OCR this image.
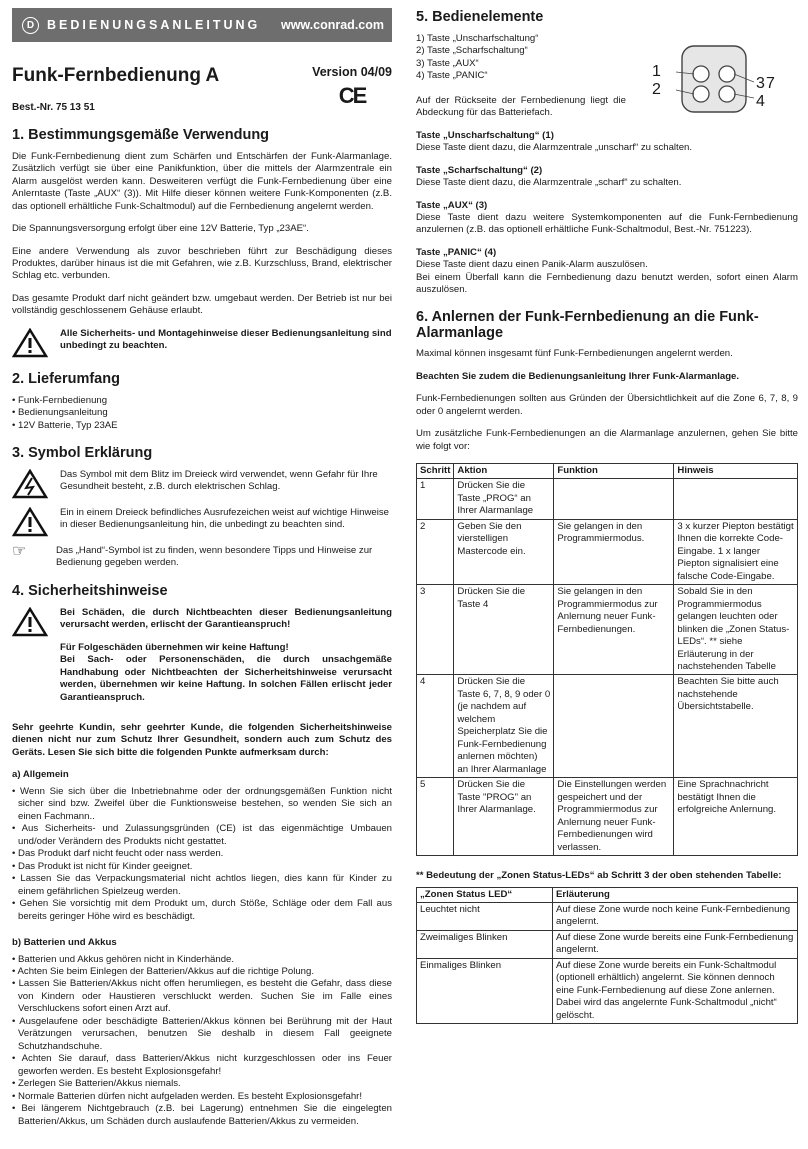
D	BEDIENUNGSANLEITUNG	www.conrad.com
Funk-Fernbedienung A	Version 04/09
CE
Best.-Nr. 75 13 51
1. Bestimmungsgemäße Verwendung

Die Funk-Fernbedienung dient zum Schärfen und Entschärfen der Funk-Alarmanlage. Zusätzlich verfügt sie über eine Panikfunktion, über die mittels der Alarmzentrale ein Alarm ausgelöst werden kann. Desweiteren verfügt die Funk-Fernbedienung über eine Anlerntaste (Taste „AUX“ (3)). Mit Hilfe dieser können weitere Funk-Komponenten (z.B. das optionell erhältliche Funk-Schaltmodul) auf die Fernbedienung angelernt werden.

Die Spannungsversorgung erfolgt über eine 12V Batterie, Typ „23AE“.

Eine andere Verwendung als zuvor beschrieben führt zur Beschädigung dieses Produktes, darüber hinaus ist die mit Gefahren, wie z.B. Kurzschluss, Brand, elektrischer Schlag etc. verbunden.

Das gesamte Produkt darf nicht geändert bzw. umgebaut werden. Der Betrieb ist nur bei vollständig geschlossenem Gehäuse erlaubt.

Alle Sicherheits- und Montagehinweise dieser Bedienungsanleitung sind unbedingt zu beachten.
2. Lieferumfang
• Funk-Fernbedienung
• Bedienungsanleitung
• 12V Batterie, Typ 23AE
3. Symbol Erklärung
Das Symbol mit dem Blitz im Dreieck wird verwendet, wenn Gefahr für Ihre Gesundheit besteht, z.B. durch elektrischen Schlag.
Ein in einem Dreieck befindliches Ausrufezeichen weist auf wichtige Hinweise in dieser Bedienungsanleitung hin, die unbedingt zu beachten sind.
☞	Das „Hand“-Symbol ist zu finden, wenn besondere Tipps und Hinweise zur Bedienung gegeben werden.
4. Sicherheitshinweise

Bei Schäden, die durch Nichtbeachten dieser Bedienungsanleitung verursacht werden, erlischt der Garantieanspruch!

Für Folgeschäden übernehmen wir keine Haftung!

Bei Sach- oder Personenschäden, die durch unsachgemäße Handhabung oder Nichtbeachten der Sicherheitshinweise verursacht werden, übernehmen wir keine Haftung. In solchen Fällen erlischt jeder Garantieanspruch.

Sehr geehrte Kundin, sehr geehrter Kunde, die folgenden Sicherheitshinweise dienen nicht nur zum Schutz Ihrer Gesundheit, sondern auch zum Schutz des Geräts. Lesen Sie sich bitte die folgenden Punkte aufmerksam durch:

a) Allgemein
• Wenn Sie sich über die Inbetriebnahme oder der ordnungsgemäßen Funktion nicht sicher sind bzw. Zweifel über die Funktionsweise bestehen, so wenden Sie sich an einen Fachmann..
• Aus Sicherheits- und Zulassungsgründen (CE) ist das eigenmächtige Umbauen und/oder Verändern des Produkts nicht gestattet.
• Das Produkt darf nicht feucht oder nass werden.
• Das Produkt ist nicht für Kinder geeignet.
• Lassen Sie das Verpackungsmaterial nicht achtlos liegen, dies kann für Kinder zu einem gefährlichen Spielzeug werden.
• Gehen Sie vorsichtig mit dem Produkt um, durch Stöße, Schläge oder dem Fall aus bereits geringer Höhe wird es beschädigt.
b) Batterien und Akkus
• Batterien und Akkus gehören nicht in Kinderhände.
• Achten Sie beim Einlegen der Batterien/Akkus auf die richtige Polung.
• Lassen Sie Batterien/Akkus nicht offen herumliegen, es besteht die Gefahr, dass diese von Kindern oder Haustieren verschluckt werden. Suchen Sie im Falle eines Verschluckens sofort einen Arzt auf.
• Ausgelaufene oder beschädigte Batterien/Akkus können bei Berührung mit der Haut Verätzungen verursachen, benutzen Sie deshalb in diesem Fall geeignete Schutzhandschuhe.
• Achten Sie darauf, dass Batterien/Akkus nicht kurzgeschlossen oder ins Feuer geworfen werden. Es besteht Explosionsgefahr!
• Zerlegen Sie Batterien/Akkus niemals.
• Normale Batterien dürfen nicht aufgeladen werden. Es besteht Explosionsgefahr!
• Bei längerem Nichtgebrauch (z.B. bei Lagerung) entnehmen Sie die eingelegten Batterien/Akkus, um Schäden durch auslaufende Batterien/Akkus zu vermeiden.
5. Bedienelemente
1) Taste „Unscharfschaltung“
2) Taste „Scharfschaltung“
3) Taste „AUX“
4) Taste „PANIC“

Auf der Rückseite der Fernbedienung liegt die Abdeckung für das Batteriefach.

1
2	3 7
4
Taste „Unscharfschaltung“ (1)

Diese Taste dient dazu, die Alarmzentrale „unscharf“ zu schalten.

Taste „Scharfschaltung“ (2)

Diese Taste dient dazu, die Alarmzentrale „scharf“ zu schalten.

Taste „AUX“ (3)

Diese Taste dient dazu weitere Systemkomponenten auf die Funk-Fernbedienung anzulernen (z.B. das optionell erhältliche Funk-Schaltmodul, Best.-Nr. 751223).

Taste „PANIC“ (4)
Diese Taste dient dazu einen Panik-Alarm auszulösen.

Bei einem Überfall kann die Fernbedienung dazu benutzt werden, sofort einen Alarm auszulösen.

6. Anlernen der Funk-Fernbedienung an die Funk-Alarmanlage

Maximal können insgesamt fünf Funk-Fernbedienungen angelernt werden.

Beachten Sie zudem die Bedienungsanleitung Ihrer Funk-Alarmanlage.

Funk-Fernbedienungen sollten aus Gründen der Übersichtlichkeit auf die Zone 6, 7, 8, 9 oder 0 angelernt werden.

Um zusätzliche Funk-Fernbedienungen an die Alarmanlage anzulernen, gehen Sie bitte wie folgt vor:

Schritt	Aktion	Funktion	Hinweis
1	Drücken Sie die Taste „PROG“ an Ihrer Alarmanlage		
2	Geben Sie den vierstelligen Mastercode ein.	Sie gelangen in den Programmiermodus.	3 x kurzer Piepton bestätigt Ihnen die korrekte Code-Eingabe. 1 x langer Piepton signalisiert eine falsche Code-Eingabe.
3	Drücken Sie die Taste 4	Sie gelangen in den Programmiermodus zur Anlernung neuer Funk-Fernbedienungen.	Sobald Sie in den Programmiermodus gelangen leuchten oder blinken die „Zonen Status-LEDs“. ** siehe Erläuterung in der nachstehenden Tabelle
4	Drücken Sie die Taste 6, 7, 8, 9 oder 0 (je nachdem auf welchem Speicherplatz Sie die Funk-Fernbedienung anlernen möchten) an Ihrer Alarmanlage		Beachten Sie bitte auch nachstehende Übersichtstabelle.
5	Drücken Sie die Taste "PROG" an Ihrer Alarmanlage.	Die Einstellungen werden gespeichert und der Programmiermodus zur Anlernung neuer Funk-Fernbedienungen wird verlassen.	Eine Sprachnachricht bestätigt Ihnen die erfolgreiche Anlernung.

** Bedeutung der „Zonen Status-LEDs“ ab Schritt 3 der oben stehenden Tabelle:

„Zonen Status LED“	Erläuterung
Leuchtet nicht	Auf diese Zone wurde noch keine Funk-Fernbedienung angelernt.
Zweimaliges Blinken	Auf diese Zone wurde bereits eine Funk-Fernbedienung angelernt.
Einmaliges Blinken	Auf diese Zone wurde bereits ein Funk-Schaltmodul (optionell erhältlich) angelernt. Sie können dennoch eine Funk-Fernbedienung auf diese Zone anlernen. Dabei wird das angelernte Funk-Schaltmodul „nicht“ gelöscht.
